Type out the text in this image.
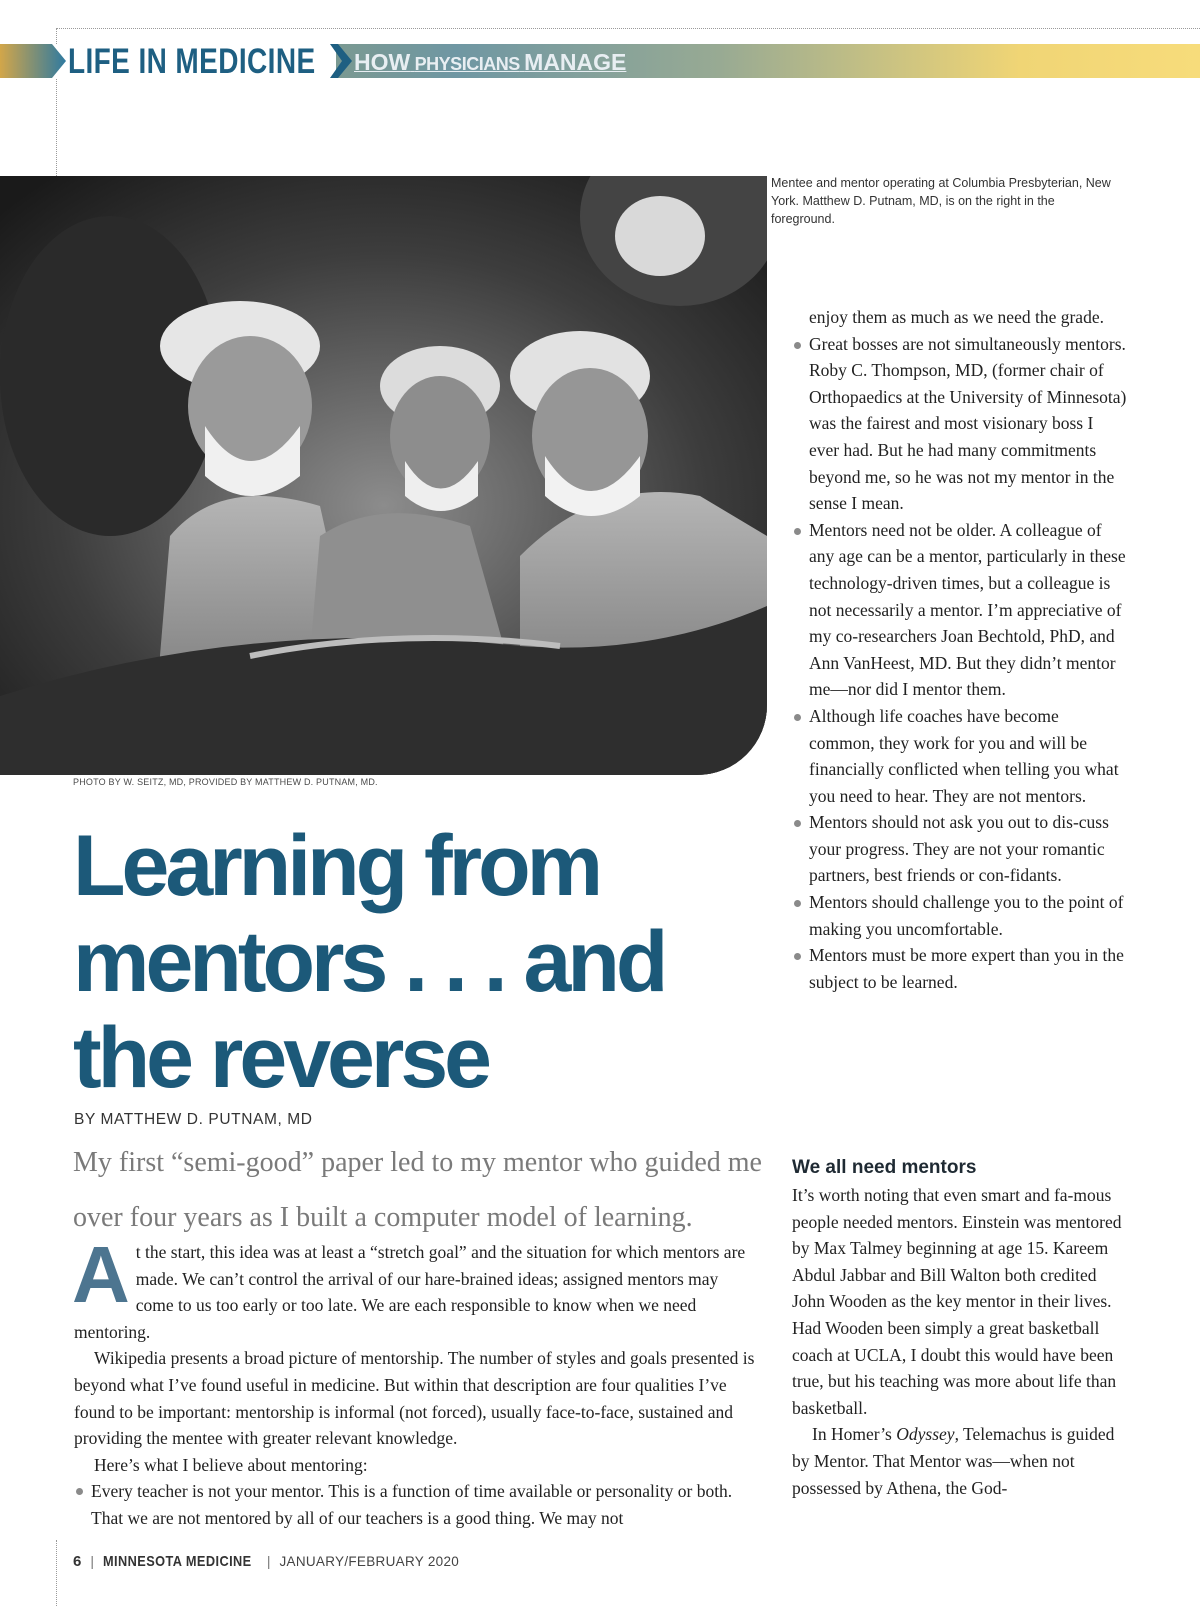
LIFE IN MEDICINE HOW PHYSICIANS MANAGE
PHOTO BY W. SEITZ, MD, PROVIDED BY MATTHEW D. PUTNAM, MD.
Mentee and mentor operating at Columbia Presbyterian, New York. Matthew D. Putnam, MD, is on the right in the foreground.
Learning from
mentors . . . and
the reverse
BY MATTHEW D. PUTNAM, MD

My first “semi-good” paper led to my mentor who guided me over four years as I built a computer model of learning.

At the start, this idea was at least a “stretch goal” and the situation for which mentors are made. We can’t control the arrival of our hare-brained ideas; assigned mentors may come to us too early or too late. We are each responsible to know when we need mentoring.

Wikipedia presents a broad picture of mentorship. The number of styles and goals presented is beyond what I’ve found useful in medicine. But within that description are four qualities I’ve found to be important: mentorship is informal (not forced), usually face-to-face, sustained and providing the mentee with greater relevant knowledge.

Here’s what I believe about mentoring:

Every teacher is not your mentor. This is a function of time available or personality or both. That we are not mentored by all of our teachers is a good thing. We may not

enjoy them as much as we need the grade.

Great bosses are not simultaneously mentors. Roby C. Thompson, MD, (former chair of Orthopaedics at the University of Minnesota) was the fairest and most visionary boss I ever had. But he had many commitments beyond me, so he was not my mentor in the sense I mean.
Mentors need not be older. A colleague of any age can be a mentor, particularly in these technology-driven times, but a colleague is not necessarily a mentor. I’m appreciative of my co-researchers Joan Bechtold, PhD, and Ann VanHeest, MD. But they didn’t mentor me—nor did I mentor them.
Although life coaches have become common, they work for you and will be financially conflicted when telling you what you need to hear. They are not mentors.
Mentors should not ask you out to dis-cuss your progress. They are not your romantic partners, best friends or con-fidants.
Mentors should challenge you to the point of making you uncomfortable.
Mentors must be more expert than you in the subject to be learned.
We all need mentors

It’s worth noting that even smart and fa-mous people needed mentors. Einstein was mentored by Max Talmey beginning at age 15. Kareem Abdul Jabbar and Bill Walton both credited John Wooden as the key mentor in their lives. Had Wooden been simply a great basketball coach at UCLA, I doubt this would have been true, but his teaching was more about life than basketball.

In Homer’s Odyssey, Telemachus is guided by Mentor. That Mentor was—when not possessed by Athena, the God-

6 | MINNESOTA MEDICINE | JANUARY/FEBRUARY 2020
